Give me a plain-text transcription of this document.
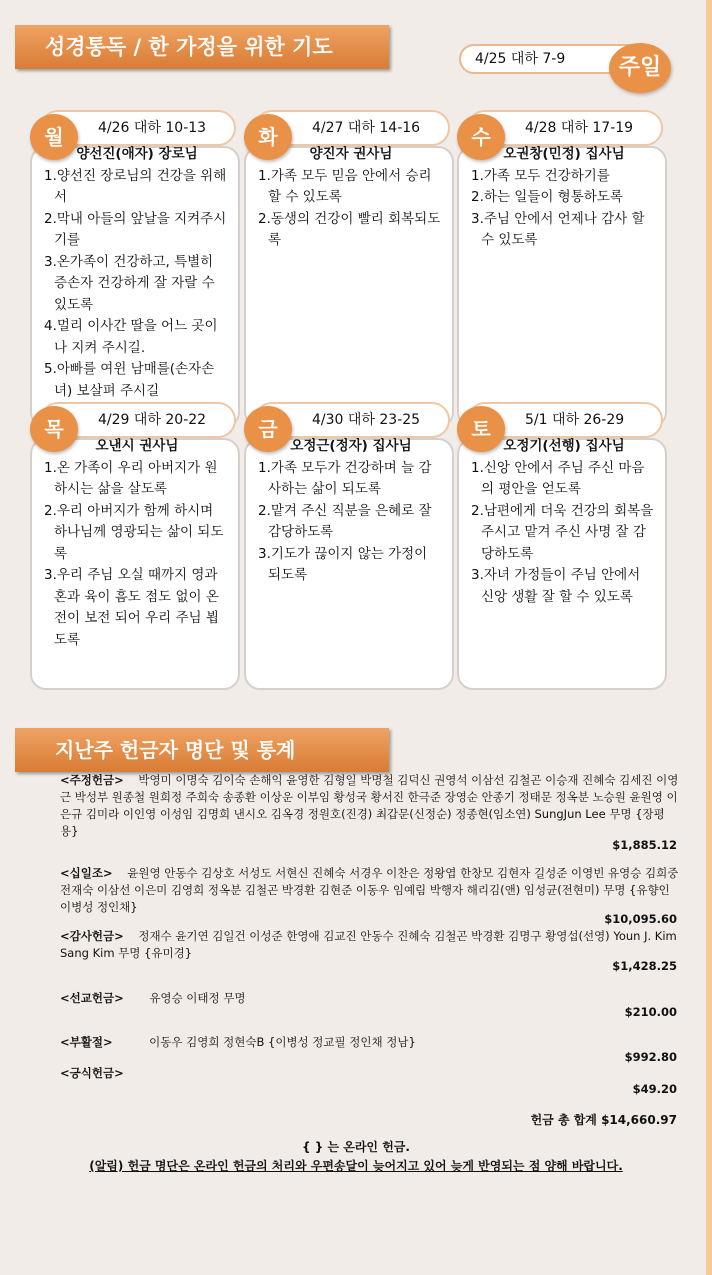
성경통독 / 한 가정을 위한 기도	4/25 대하 7-9	주일
4/26 대하 10-13
양선진(애자) 장로님
1.양선진 장로님의 건강을 위해서
2.막내 아들의 앞날을 지켜주시기를
3.온가족이 건강하고, 특별히 증손자 건강하게 잘 자랄 수 있도록
4.멀리 이사간 딸을 어느 곳이나 지켜 주시길.
5.아빠를 여윈 남매를(손자손녀) 보살펴 주시길
월	4/27 대하 14-16
양진자 권사님
1.가족 모두 믿음 안에서 승리할 수 있도록
2.동생의 건강이 빨리 회복되도록
화	4/28 대하 17-19
오권창(민정) 집사님
1.가족 모두 건강하기를
2.하는 일들이 형통하도록
3.주님 안에서 언제나 감사 할 수 있도록
수
4/29 대하 20-22
오낸시 권사님
1.온 가족이 우리 아버지가 원하시는 삶을 살도록
2.우리 아버지가 함께 하시며 하나님께 영광되는 삶이 되도록
3.우리 주님 오실 때까지 영과 혼과 육이 흠도 점도 없이 온전이 보전 되어 우리 주님 뵙도록
목	4/30 대하 23-25
오정근(정자) 집사님
1.가족 모두가 건강하며 늘 감사하는 삶이 되도록
2.맡겨 주신 직분을 은혜로 잘 감당하도록
3.기도가 끊이지 않는 가정이 되도록
금	5/1 대하 26-29
오정기(선행) 집사님
1.신앙 안에서 주님 주신 마음의 평안을 얻도록
2.남편에게 더욱 건강의 회복을 주시고 맡겨 주신 사명 잘 감당하도록
3.자녀 가정들이 주님 안에서 신앙 생활 잘 할 수 있도록
토
지난주 헌금자 명단 및 통계
<주정헌금> 박영미 이명숙 김이숙 손해익 윤영한 김형일 박명철 김덕신 권영석 이삼선 김철곤 이승재 진혜숙 김세진 이영근 박성부 원종철 원희정 주희숙 송종환 이상운 이부임 황성국 황서진 한극준 장영순 안종기 정태문 정옥분 노승원 윤원영 이은규 김미라 이인영 이성임 김명희 낸시오 김옥경 정원호(진경) 최갑문(신정순) 정종현(임소연) SungJun Lee 무명 {장평용}
$1,885.12
<십일조> 윤원영 안동수 김상호 서성도 서현신 진혜숙 서경우 이찬은 정왕엽 한창모 김현자 길성준 이영빈 유영승 김희중 전재숙 이삼선 이은미 김영희 정옥분 김철곤 박경환 김현준 이동우 임예림 박행자 해리김(앤) 임성균(전현미) 무명 {유향인 이병성 정인채}
$10,095.60
<감사헌금> 정재수 윤기연 김일건 이성준 한영애 김교진 안동수 진혜숙 김철곤 박경환 김명구 황영섭(선영) Youn J. Kim Sang Kim 무명 {유미경}
$1,428.25
<선교헌금> 유영승 이태정 무명
$210.00
<부활절>	이동우 김영희 정현숙B {이병성 정교필 정인채 정남}
$992.80
<긍식헌금>
$49.20
헌금 총 합계 $14,660.97
{ } 는 온라인 헌금.
(알림) 헌금 명단은 온라인 헌금의 처리와 우편송달이 늦어지고 있어 늦게 반영되는 점 양해 바랍니다.
